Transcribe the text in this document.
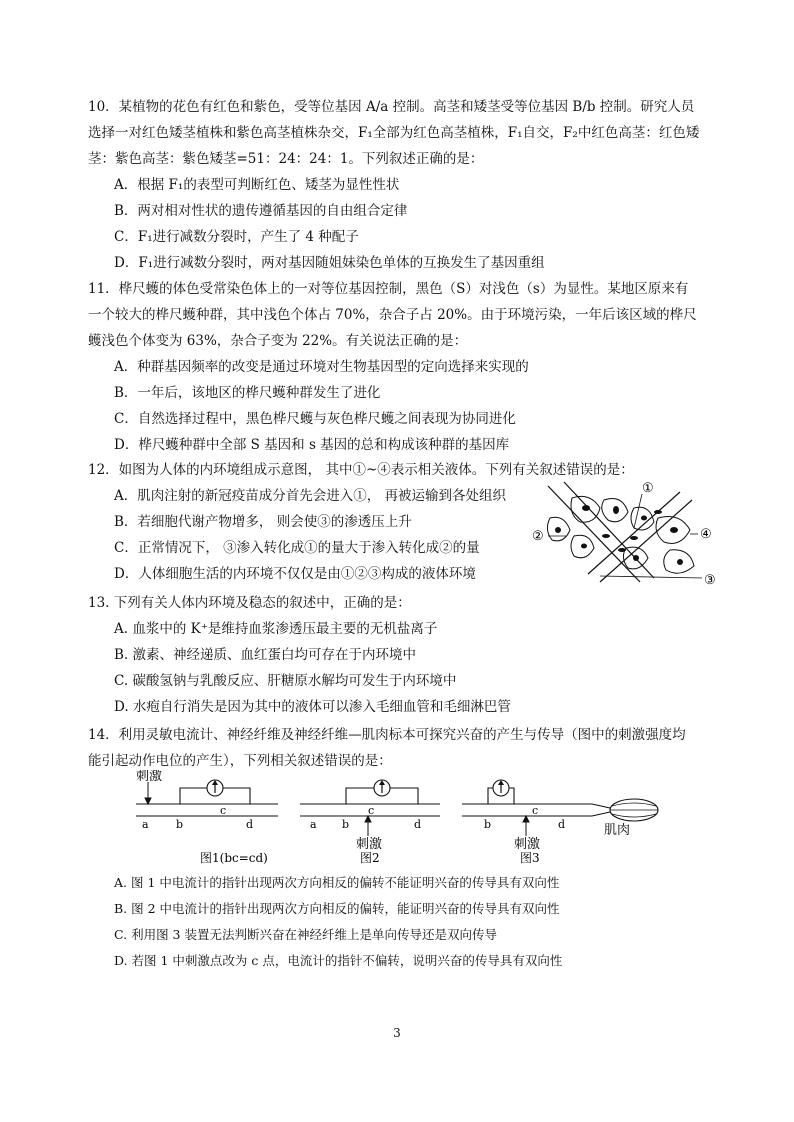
10．某植物的花色有红色和紫色，受等位基因 A/a 控制。高茎和矮茎受等位基因 B/b 控制。研究人员
选择一对红色矮茎植株和紫色高茎植株杂交，F₁全部为红色高茎植株，F₁自交，F₂中红色高茎：红色矮
茎：紫色高茎：紫色矮茎=51：24：24：1。下列叙述正确的是：
A．根据 F₁的表型可判断红色、矮茎为显性性状
B．两对相对性状的遗传遵循基因的自由组合定律
C．F₁进行减数分裂时，产生了 4 种配子
D．F₁进行减数分裂时，两对基因随姐妹染色单体的互换发生了基因重组
11．桦尺蠖的体色受常染色体上的一对等位基因控制，黑色（S）对浅色（s）为显性。某地区原来有
一个较大的桦尺蠖种群，其中浅色个体占 70%，杂合子占 20%。由于环境污染，一年后该区域的桦尺
蠖浅色个体变为 63%，杂合子变为 22%。有关说法正确的是：
A．种群基因频率的改变是通过环境对生物基因型的定向选择来实现的
B．一年后，该地区的桦尺蠖种群发生了进化
C．自然选择过程中，黑色桦尺蠖与灰色桦尺蠖之间表现为协同进化
D．桦尺蠖种群中全部 S 基因和 s 基因的总和构成该种群的基因库
12．如图为人体的内环境组成示意图， 其中①~④表示相关液体。下列有关叙述错误的是：
A．肌肉注射的新冠疫苗成分首先会进入①， 再被运输到各处组织
B．若细胞代谢产物增多， 则会使③的渗透压上升
C．正常情况下， ③渗入转化成①的量大于渗入转化成②的量
D．人体细胞生活的内环境不仅仅是由①②③构成的液体环境
①
②	④
③
13. 下列有关人体内环境及稳态的叙述中，正确的是：
A. 血浆中的 K⁺是维持血浆渗透压最主要的无机盐离子
B. 激素、神经递质、血红蛋白均可存在于内环境中
C. 碳酸氢钠与乳酸反应、肝糖原水解均可发生于内环境中
D. 水疱自行消失是因为其中的液体可以渗入毛细血管和毛细淋巴管
14．利用灵敏电流计、神经纤维及神经纤维—肌肉标本可探究兴奋的产生与传导（图中的刺激强度均
能引起动作电位的产生），下列相关叙述错误的是：
刺激
刺激	刺激
肌肉
a b
c
d	a b
c
d	b
c
d
图1(bc=cd)	图2	图3
A. 图 1 中电流计的指针出现两次方向相反的偏转不能证明兴奋的传导具有双向性
B. 图 2 中电流计的指针出现两次方向相反的偏转，能证明兴奋的传导具有双向性
C. 利用图 3 装置无法判断兴奋在神经纤维上是单向传导还是双向传导
D. 若图 1 中刺激点改为 c 点，电流计的指针不偏转，说明兴奋的传导具有双向性
3
